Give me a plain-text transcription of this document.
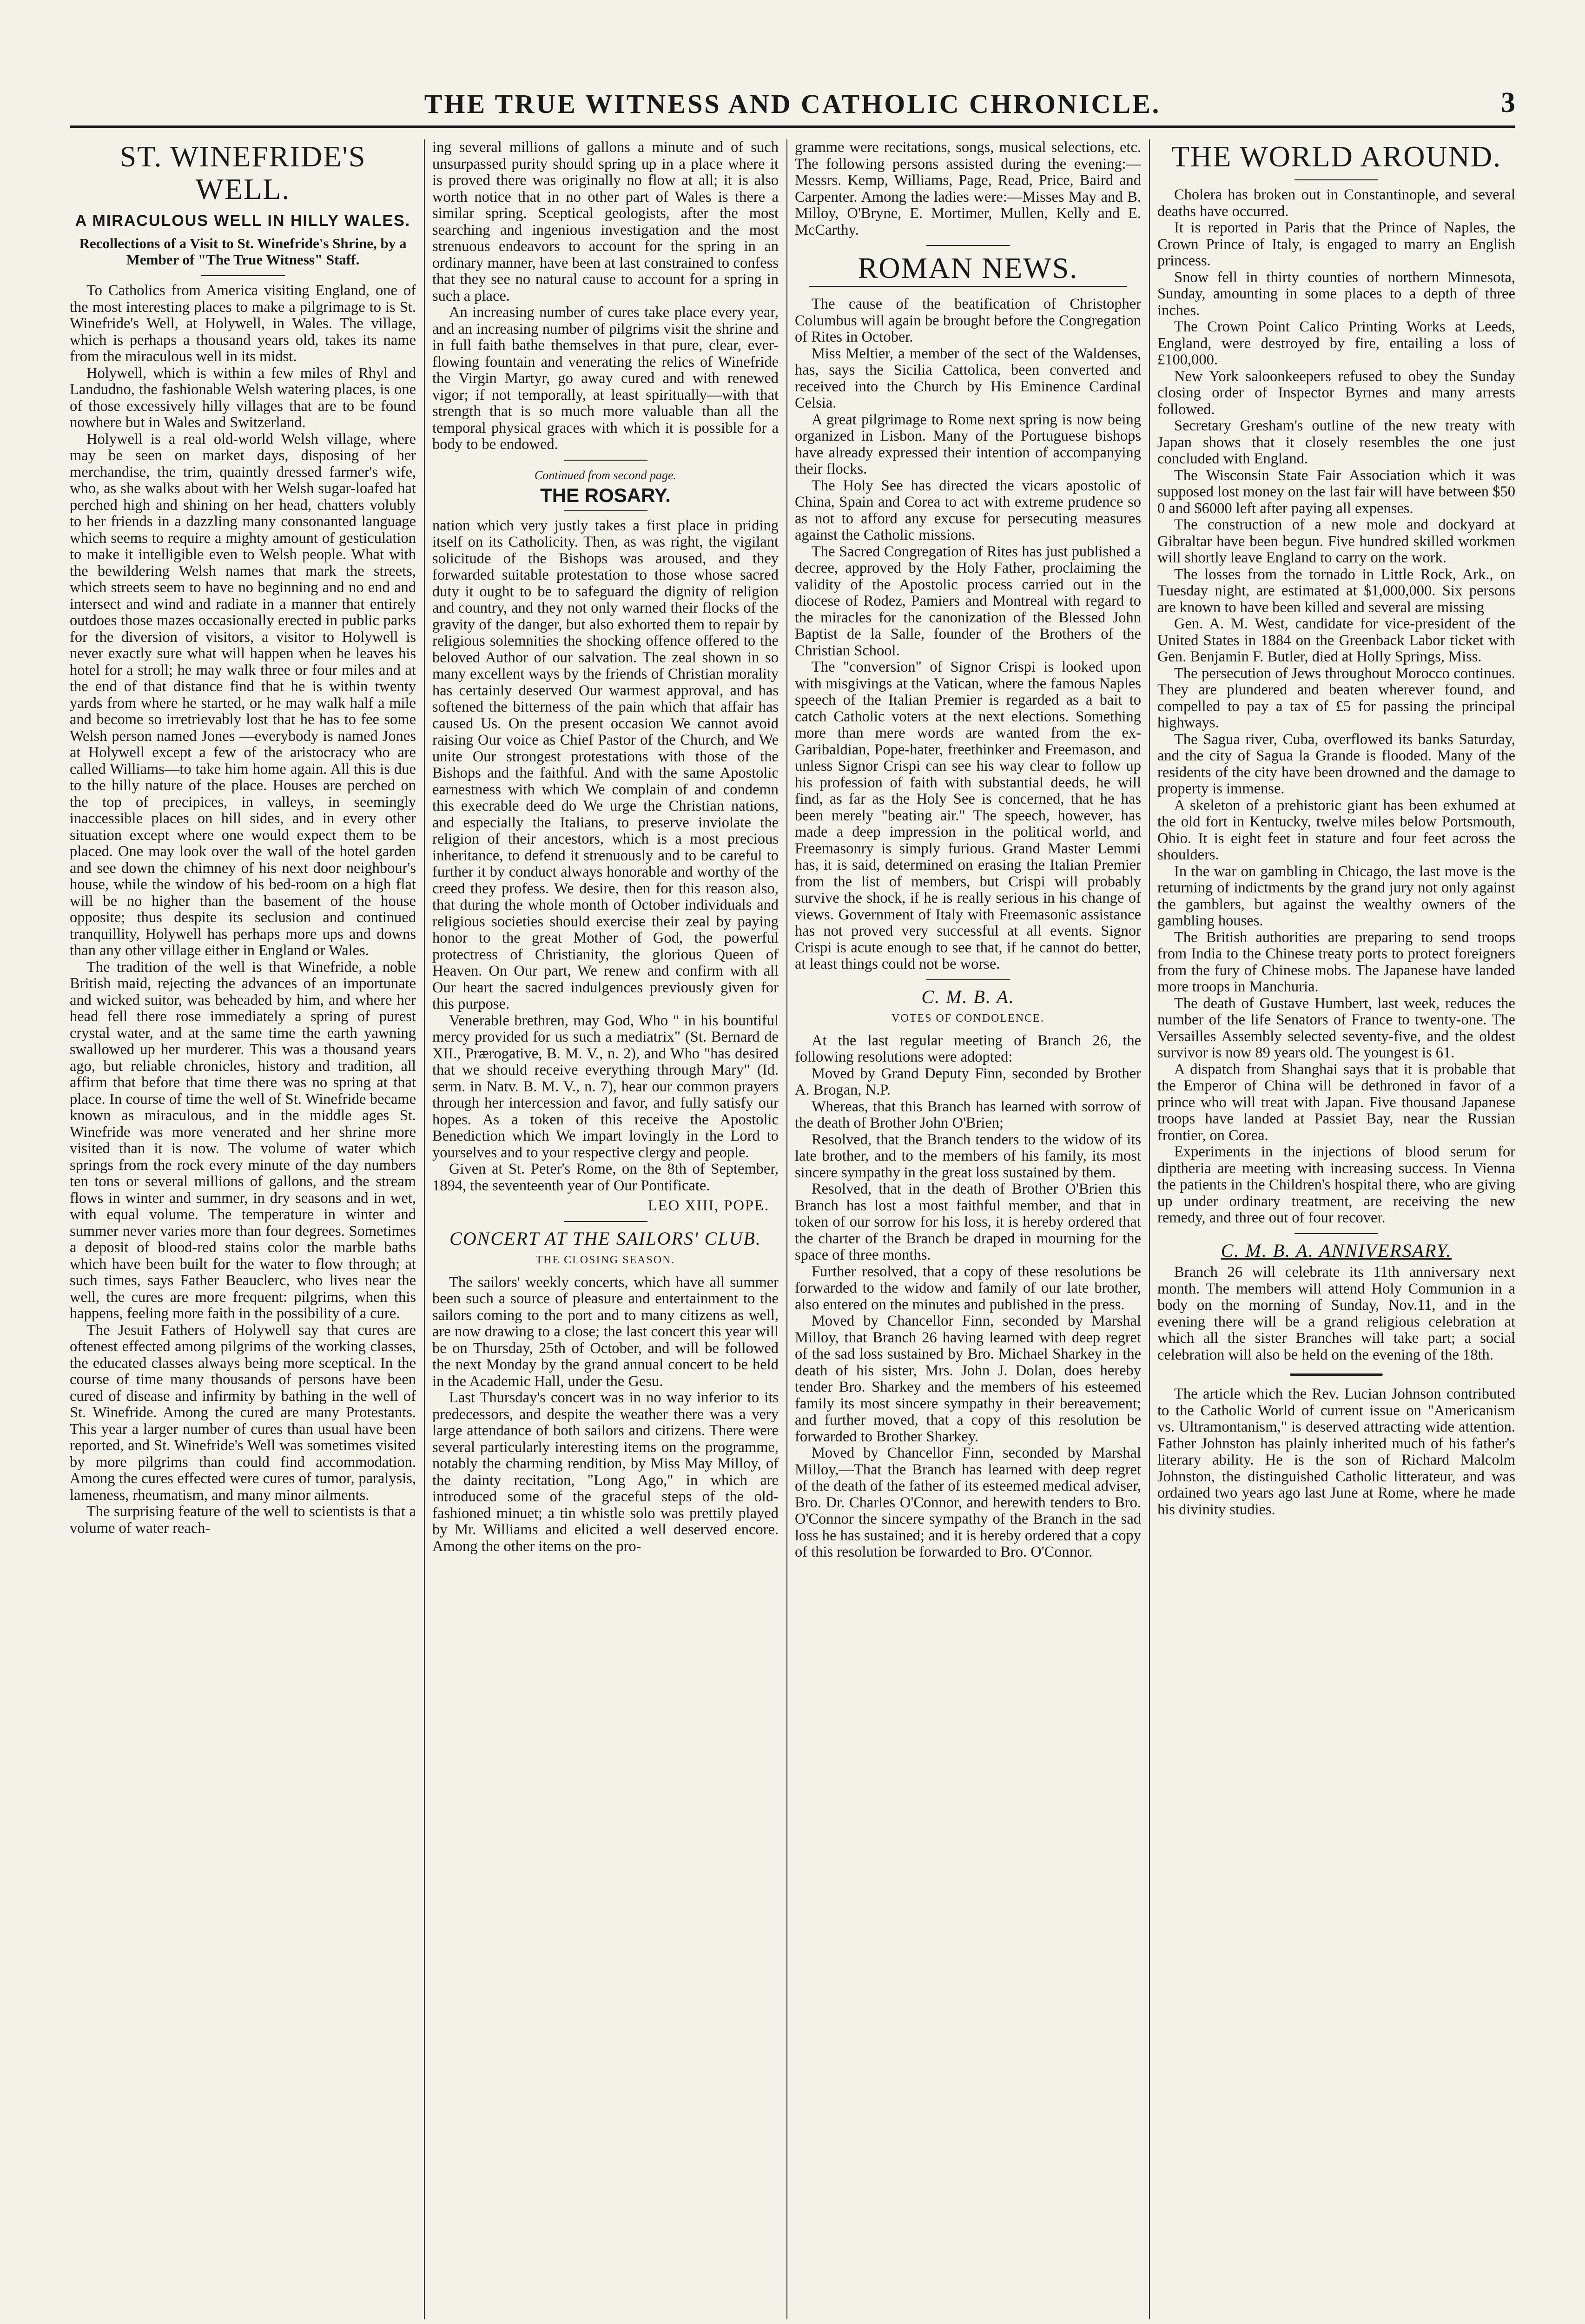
THE TRUE WITNESS AND CATHOLIC CHRONICLE.	3
ST. WINEFRIDE'S WELL.
A MIRACULOUS WELL IN HILLY WALES.
Recollections of a Visit to St. Winefride's Shrine, by a Member of "The True Witness" Staff.

To Catholics from America visiting England, one of the most interesting places to make a pilgrimage to is St. Winefride's Well, at Holywell, in Wales. The village, which is perhaps a thousand years old, takes its name from the miraculous well in its midst.

Holywell, which is within a few miles of Rhyl and Landudno, the fashionable Welsh watering places, is one of those excessively hilly villages that are to be found nowhere but in Wales and Switzerland.

Holywell is a real old-world Welsh village, where may be seen on market days, disposing of her merchandise, the trim, quaintly dressed farmer's wife, who, as she walks about with her Welsh sugar-loafed hat perched high and shining on her head, chatters volubly to her friends in a dazzling many consonanted language which seems to require a mighty amount of gesticulation to make it intelligible even to Welsh people. What with the bewildering Welsh names that mark the streets, which streets seem to have no beginning and no end and intersect and wind and radiate in a manner that entirely outdoes those mazes occasionally erected in public parks for the diversion of visitors, a visitor to Holywell is never exactly sure what will happen when he leaves his hotel for a stroll; he may walk three or four miles and at the end of that distance find that he is within twenty yards from where he started, or he may walk half a mile and become so irretrievably lost that he has to fee some Welsh person named Jones —everybody is named Jones at Holywell except a few of the aristocracy who are called Williams—to take him home again. All this is due to the hilly nature of the place. Houses are perched on the top of precipices, in valleys, in seemingly inaccessible places on hill sides, and in every other situation except where one would expect them to be placed. One may look over the wall of the hotel garden and see down the chimney of his next door neighbour's house, while the window of his bed-room on a high flat will be no higher than the basement of the house opposite; thus despite its seclusion and continued tranquillity, Holywell has perhaps more ups and downs than any other village either in England or Wales.

The tradition of the well is that Winefride, a noble British maid, rejecting the advances of an importunate and wicked suitor, was beheaded by him, and where her head fell there rose immediately a spring of purest crystal water, and at the same time the earth yawning swallowed up her murderer. This was a thousand years ago, but reliable chronicles, history and tradition, all affirm that before that time there was no spring at that place. In course of time the well of St. Winefride became known as miraculous, and in the middle ages St. Winefride was more venerated and her shrine more visited than it is now. The volume of water which springs from the rock every minute of the day numbers ten tons or several millions of gallons, and the stream flows in winter and summer, in dry seasons and in wet, with equal volume. The temperature in winter and summer never varies more than four degrees. Sometimes a deposit of blood-red stains color the marble baths which have been built for the water to flow through; at such times, says Father Beauclerc, who lives near the well, the cures are more frequent: pilgrims, when this happens, feeling more faith in the possibility of a cure.

The Jesuit Fathers of Holywell say that cures are oftenest effected among pilgrims of the working classes, the educated classes always being more sceptical. In the course of time many thousands of persons have been cured of disease and infirmity by bathing in the well of St. Winefride. Among the cured are many Protestants. This year a larger number of cures than usual have been reported, and St. Winefride's Well was sometimes visited by more pilgrims than could find accommodation. Among the cures effected were cures of tumor, paralysis, lameness, rheumatism, and many minor ailments.

The surprising feature of the well to scientists is that a volume of water reach-

ing several millions of gallons a minute and of such unsurpassed purity should spring up in a place where it is proved there was originally no flow at all; it is also worth notice that in no other part of Wales is there a similar spring. Sceptical geologists, after the most searching and ingenious investigation and the most strenuous endeavors to account for the spring in an ordinary manner, have been at last constrained to confess that they see no natural cause to account for a spring in such a place.

An increasing number of cures take place every year, and an increasing number of pilgrims visit the shrine and in full faith bathe themselves in that pure, clear, ever-flowing fountain and venerating the relics of Winefride the Virgin Martyr, go away cured and with renewed vigor; if not temporally, at least spiritually—with that strength that is so much more valuable than all the temporal physical graces with which it is possible for a body to be endowed.

Continued from second page.
THE ROSARY.

nation which very justly takes a first place in priding itself on its Catholicity. Then, as was right, the vigilant solicitude of the Bishops was aroused, and they forwarded suitable protestation to those whose sacred duty it ought to be to safeguard the dignity of religion and country, and they not only warned their flocks of the gravity of the danger, but also exhorted them to repair by religious solemnities the shocking offence offered to the beloved Author of our salvation. The zeal shown in so many excellent ways by the friends of Christian morality has certainly deserved Our warmest approval, and has softened the bitterness of the pain which that affair has caused Us. On the present occasion We cannot avoid raising Our voice as Chief Pastor of the Church, and We unite Our strongest protestations with those of the Bishops and the faithful. And with the same Apostolic earnestness with which We complain of and condemn this execrable deed do We urge the Christian nations, and especially the Italians, to preserve inviolate the religion of their ancestors, which is a most precious inheritance, to defend it strenuously and to be careful to further it by conduct always honorable and worthy of the creed they profess. We desire, then for this reason also, that during the whole month of October individuals and religious societies should exercise their zeal by paying honor to the great Mother of God, the powerful protectress of Christianity, the glorious Queen of Heaven. On Our part, We renew and confirm with all Our heart the sacred indulgences previously given for this purpose.

Venerable brethren, may God, Who " in his bountiful mercy provided for us such a mediatrix" (St. Bernard de XII., Prærogative, B. M. V., n. 2), and Who "has desired that we should receive everything through Mary" (Id. serm. in Natv. B. M. V., n. 7), hear our common prayers through her intercession and favor, and fully satisfy our hopes. As a token of this receive the Apostolic Benediction which We impart lovingly in the Lord to yourselves and to your respective clergy and people.

Given at St. Peter's Rome, on the 8th of September, 1894, the seventeenth year of Our Pontificate.

LEO XIII, POPE.
CONCERT AT THE SAILORS' CLUB.
THE CLOSING SEASON.

The sailors' weekly concerts, which have all summer been such a source of pleasure and entertainment to the sailors coming to the port and to many citizens as well, are now drawing to a close; the last concert this year will be on Thursday, 25th of October, and will be followed the next Monday by the grand annual concert to be held in the Academic Hall, under the Gesu.

Last Thursday's concert was in no way inferior to its predecessors, and despite the weather there was a very large attendance of both sailors and citizens. There were several particularly interesting items on the programme, notably the charming rendition, by Miss May Milloy, of the dainty recitation, "Long Ago," in which are introduced some of the graceful steps of the old-fashioned minuet; a tin whistle solo was prettily played by Mr. Williams and elicited a well deserved encore. Among the other items on the pro-

gramme were recitations, songs, musical selections, etc. The following persons assisted during the evening:—Messrs. Kemp, Williams, Page, Read, Price, Baird and Carpenter. Among the ladies were:—Misses May and B. Milloy, O'Bryne, E. Mortimer, Mullen, Kelly and E. McCarthy.

ROMAN NEWS.

The cause of the beatification of Christopher Columbus will again be brought before the Congregation of Rites in October.

Miss Meltier, a member of the sect of the Waldenses, has, says the Sicilia Cattolica, been converted and received into the Church by His Eminence Cardinal Celsia.

A great pilgrimage to Rome next spring is now being organized in Lisbon. Many of the Portuguese bishops have already expressed their intention of accompanying their flocks.

The Holy See has directed the vicars apostolic of China, Spain and Corea to act with extreme prudence so as not to afford any excuse for persecuting measures against the Catholic missions.

The Sacred Congregation of Rites has just published a decree, approved by the Holy Father, proclaiming the validity of the Apostolic process carried out in the diocese of Rodez, Pamiers and Montreal with regard to the miracles for the canonization of the Blessed John Baptist de la Salle, founder of the Brothers of the Christian School.

The "conversion" of Signor Crispi is looked upon with misgivings at the Vatican, where the famous Naples speech of the Italian Premier is regarded as a bait to catch Catholic voters at the next elections. Something more than mere words are wanted from the ex-Garibaldian, Pope-hater, freethinker and Freemason, and unless Signor Crispi can see his way clear to follow up his profession of faith with substantial deeds, he will find, as far as the Holy See is concerned, that he has been merely "beating air." The speech, however, has made a deep impression in the political world, and Freemasonry is simply furious. Grand Master Lemmi has, it is said, determined on erasing the Italian Premier from the list of members, but Crispi will probably survive the shock, if he is really serious in his change of views. Government of Italy with Freemasonic assistance has not proved very successful at all events. Signor Crispi is acute enough to see that, if he cannot do better, at least things could not be worse.

C. M. B. A.
VOTES OF CONDOLENCE.

At the last regular meeting of Branch 26, the following resolutions were adopted:

Moved by Grand Deputy Finn, seconded by Brother A. Brogan, N.P.

Whereas, that this Branch has learned with sorrow of the death of Brother John O'Brien;

Resolved, that the Branch tenders to the widow of its late brother, and to the members of his family, its most sincere sympathy in the great loss sustained by them.

Resolved, that in the death of Brother O'Brien this Branch has lost a most faithful member, and that in token of our sorrow for his loss, it is hereby ordered that the charter of the Branch be draped in mourning for the space of three months.

Further resolved, that a copy of these resolutions be forwarded to the widow and family of our late brother, also entered on the minutes and published in the press.

Moved by Chancellor Finn, seconded by Marshal Milloy, that Branch 26 having learned with deep regret of the sad loss sustained by Bro. Michael Sharkey in the death of his sister, Mrs. John J. Dolan, does hereby tender Bro. Sharkey and the members of his esteemed family its most sincere sympathy in their bereavement; and further moved, that a copy of this resolution be forwarded to Brother Sharkey.

Moved by Chancellor Finn, seconded by Marshal Milloy,—That the Branch has learned with deep regret of the death of the father of its esteemed medical adviser, Bro. Dr. Charles O'Connor, and herewith tenders to Bro. O'Connor the sincere sympathy of the Branch in the sad loss he has sustained; and it is hereby ordered that a copy of this resolution be forwarded to Bro. O'Connor.

THE WORLD AROUND.

Cholera has broken out in Constantinople, and several deaths have occurred.

It is reported in Paris that the Prince of Naples, the Crown Prince of Italy, is engaged to marry an English princess.

Snow fell in thirty counties of northern Minnesota, Sunday, amounting in some places to a depth of three inches.

The Crown Point Calico Printing Works at Leeds, England, were destroyed by fire, entailing a loss of £100,000.

New York saloonkeepers refused to obey the Sunday closing order of Inspector Byrnes and many arrests followed.

Secretary Gresham's outline of the new treaty with Japan shows that it closely resembles the one just concluded with England.

The Wisconsin State Fair Association which it was supposed lost money on the last fair will have between $50 0 and $6000 left after paying all expenses.

The construction of a new mole and dockyard at Gibraltar have been begun. Five hundred skilled workmen will shortly leave England to carry on the work.

The losses from the tornado in Little Rock, Ark., on Tuesday night, are estimated at $1,000,000. Six persons are known to have been killed and several are missing

Gen. A. M. West, candidate for vice-president of the United States in 1884 on the Greenback Labor ticket with Gen. Benjamin F. Butler, died at Holly Springs, Miss.

The persecution of Jews throughout Morocco continues. They are plundered and beaten wherever found, and compelled to pay a tax of £5 for passing the principal highways.

The Sagua river, Cuba, overflowed its banks Saturday, and the city of Sagua la Grande is flooded. Many of the residents of the city have been drowned and the damage to property is immense.

A skeleton of a prehistoric giant has been exhumed at the old fort in Kentucky, twelve miles below Portsmouth, Ohio. It is eight feet in stature and four feet across the shoulders.

In the war on gambling in Chicago, the last move is the returning of indictments by the grand jury not only against the gamblers, but against the wealthy owners of the gambling houses.

The British authorities are preparing to send troops from India to the Chinese treaty ports to protect foreigners from the fury of Chinese mobs. The Japanese have landed more troops in Manchuria.

The death of Gustave Humbert, last week, reduces the number of the life Senators of France to twenty-one. The Versailles Assembly selected seventy-five, and the oldest survivor is now 89 years old. The youngest is 61.

A dispatch from Shanghai says that it is probable that the Emperor of China will be dethroned in favor of a prince who will treat with Japan. Five thousand Japanese troops have landed at Passiet Bay, near the Russian frontier, on Corea.

Experiments in the injections of blood serum for diptheria are meeting with increasing success. In Vienna the patients in the Children's hospital there, who are giving up under ordinary treatment, are receiving the new remedy, and three out of four recover.

C. M. B. A. ANNIVERSARY.

Branch 26 will celebrate its 11th anniversary next month. The members will attend Holy Communion in a body on the morning of Sunday, Nov.11, and in the evening there will be a grand religious celebration at which all the sister Branches will take part; a social celebration will also be held on the evening of the 18th.

The article which the Rev. Lucian Johnson contributed to the Catholic World of current issue on "Americanism vs. Ultramontanism," is deserved attracting wide attention. Father Johnston has plainly inherited much of his father's literary ability. He is the son of Richard Malcolm Johnston, the distinguished Catholic litterateur, and was ordained two years ago last June at Rome, where he made his divinity studies.
